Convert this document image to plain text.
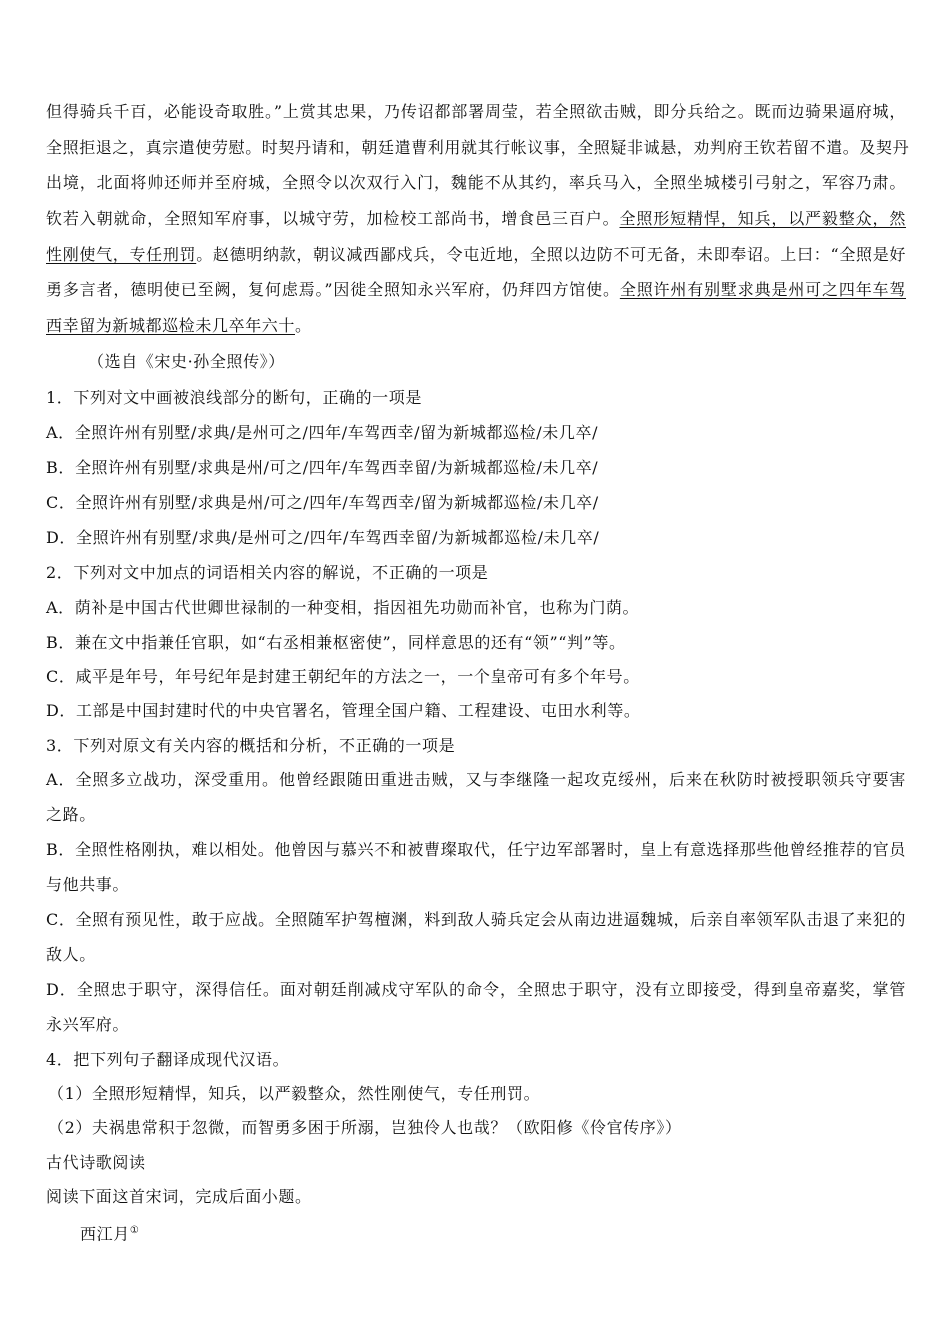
但得骑兵千百，必能设奇取胜。”上赏其忠果，乃传诏都部署周莹，若全照欲击贼，即分兵给之。既而边骑果逼府城，
全照拒退之，真宗遣使劳慰。时契丹请和，朝廷遣曹利用就其行帐议事，全照疑非诚悬，劝判府王钦若留不遣。及契丹
出境，北面将帅还师并至府城，全照令以次双行入门，魏能不从其约，率兵马入，全照坐城楼引弓射之，军容乃肃。
钦若入朝就命，全照知军府事，以城守劳，加检校工部尚书，增食邑三百户。全照形短精悍，知兵，以严毅整众，然
性刚使气，专任刑罚。赵德明纳款，朝议减西鄙戍兵，令屯近地，全照以边防不可无备，未即奉诏。上曰：“全照是好
勇多言者，德明使已至阙，复何虑焉。”因徙全照知永兴军府，仍拜四方馆使。全照许州有别墅求典是州可之四年车驾
西幸留为新城都巡检未几卒年六十。
（选自《宋史·孙全照传》）
1．下列对文中画被浪线部分的断句，正确的一项是
A．全照许州有别墅/求典/是州可之/四年/车驾西幸/留为新城都巡检/未几卒/
B．全照许州有别墅/求典是州/可之/四年/车驾西幸留/为新城都巡检/未几卒/
C．全照许州有别墅/求典是州/可之/四年/车驾西幸/留为新城都巡检/未几卒/
D．全照许州有别墅/求典/是州可之/四年/车驾西幸留/为新城都巡检/未几卒/
2．下列对文中加点的词语相关内容的解说，不正确的一项是
A．荫补是中国古代世卿世禄制的一种变相，指因祖先功勋而补官，也称为门荫。
B．兼在文中指兼任官职，如“右丞相兼枢密使”，同样意思的还有“领”“判”等。
C．咸平是年号，年号纪年是封建王朝纪年的方法之一，一个皇帝可有多个年号。
D．工部是中国封建时代的中央官署名，管理全国户籍、工程建设、屯田水利等。
3．下列对原文有关内容的概括和分析，不正确的一项是
A．全照多立战功，深受重用。他曾经跟随田重进击贼，又与李继隆一起攻克绥州，后来在秋防时被授职领兵守要害
之路。
B．全照性格刚执，难以相处。他曾因与慕兴不和被曹璨取代，任宁边军部署时，皇上有意选择那些他曾经推荐的官员
与他共事。
C．全照有预见性，敢于应战。全照随军护驾檀渊，料到敌人骑兵定会从南边进逼魏城，后亲自率领军队击退了来犯的
敌人。
D．全照忠于职守，深得信任。面对朝廷削减戍守军队的命令，全照忠于职守，没有立即接受，得到皇帝嘉奖，掌管
永兴军府。
4．把下列句子翻译成现代汉语。
（1）全照形短精悍，知兵，以严毅整众，然性刚使气，专任刑罚。
（2）夫祸患常积于忽微，而智勇多困于所溺，岂独伶人也哉？（欧阳修《伶官传序》）
古代诗歌阅读
阅读下面这首宋词，完成后面小题。
西江月①
